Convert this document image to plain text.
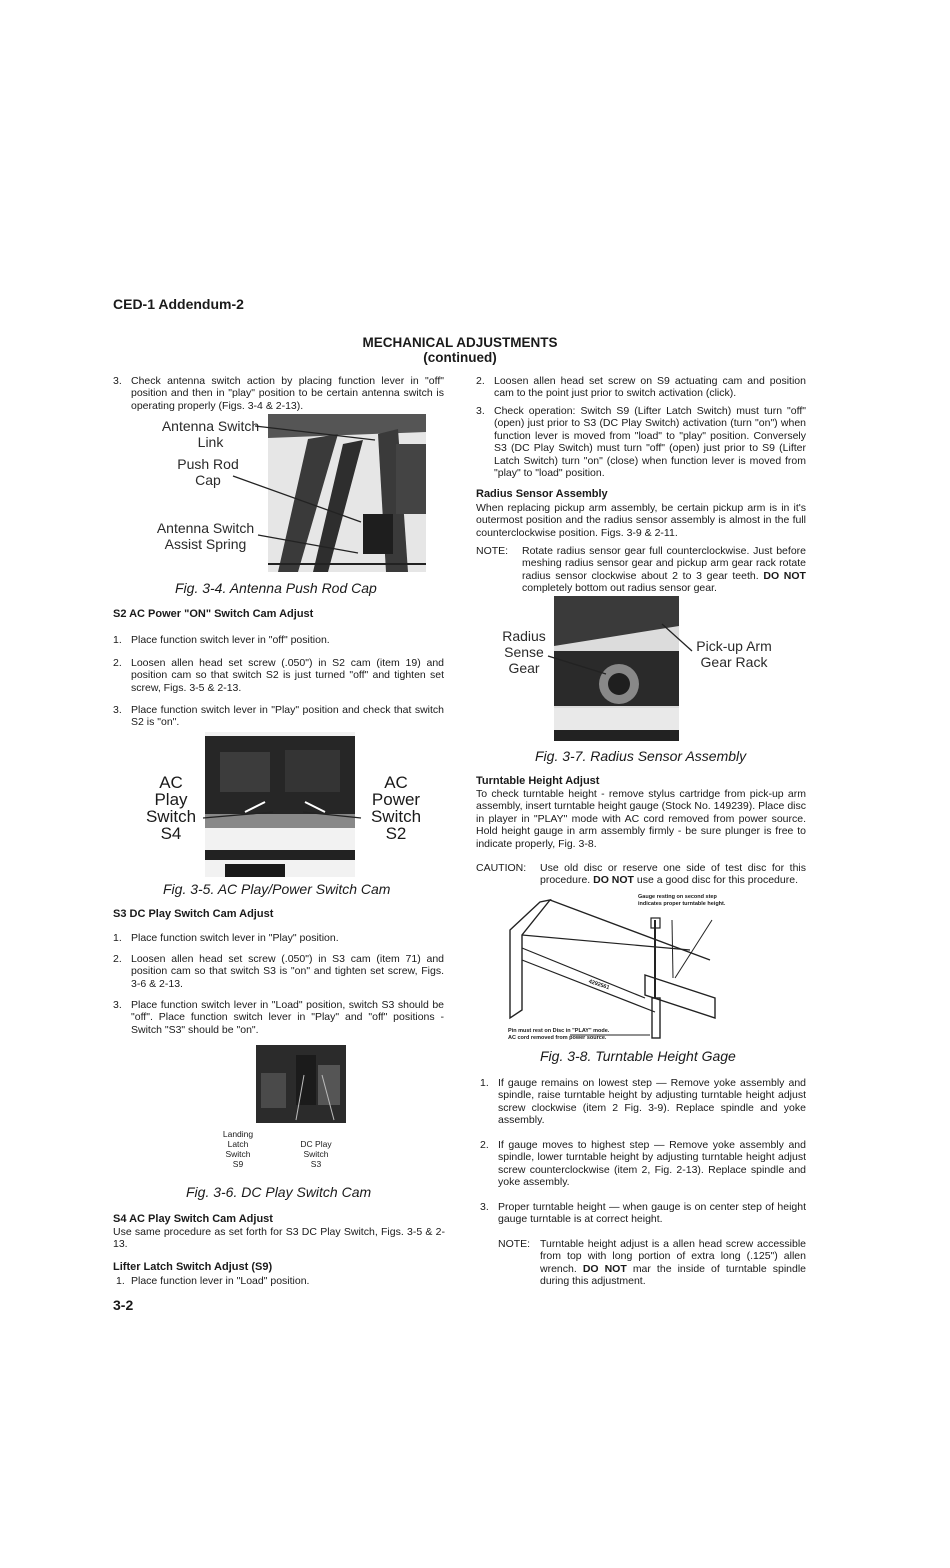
CED-1 Addendum-2
MECHANICAL ADJUSTMENTS
(continued)
3. Check antenna switch action by placing function lever in "off" position and then in "play" position to be certain antenna switch is operating properly (Figs. 3-4 & 2-13).
Antenna Switch
Link
Push Rod
Cap
Antenna Switch
Assist Spring
Fig. 3-4. Antenna Push Rod Cap
S2 AC Power "ON" Switch Cam Adjust
1. Place function switch lever in "off" position.
2. Loosen allen head set screw (.050") in S2 cam (item 19) and position cam so that switch S2 is just turned "off" and tighten set screw, Figs. 3-5 & 2-13.
3. Place function switch lever in "Play" position and check that switch S2 is "on".
AC
Play
Switch
S4
AC
Power
Switch
S2
Fig. 3-5. AC Play/Power Switch Cam
S3 DC Play Switch Cam Adjust
1. Place function switch lever in "Play" position.
2. Loosen allen head set screw (.050") in S3 cam (item 71) and position cam so that switch S3 is "on" and tighten set screw, Figs. 3-6 & 2-13.
3. Place function switch lever in "Load" position, switch S3 should be "off". Place function switch lever in "Play" and "off" positions - Switch "S3" should be "on".
Landing
Latch
Switch
S9
DC Play
Switch
S3
Fig. 3-6. DC Play Switch Cam
S4 AC Play Switch Cam Adjust
Use same procedure as set forth for S3 DC Play Switch, Figs. 3-5 & 2-13.
Lifter Latch Switch Adjust (S9)
1. Place function lever in "Load" position.
3-2
2. Loosen allen head set screw on S9 actuating cam and position cam to the point just prior to switch activation (click).
3. Check operation: Switch S9 (Lifter Latch Switch) must turn "off" (open) just prior to S3 (DC Play Switch) activation (turn "on") when function lever is moved from "load" to "play" position. Conversely S3 (DC Play Switch) must turn "off" (open) just prior to S9 (Lifter Latch Switch) turn "on" (close) when function lever is moved from "play" to "load" position.
Radius Sensor Assembly
When replacing pickup arm assembly, be certain pickup arm is in it's outermost position and the radius sensor assembly is almost in the full counterclockwise position. Figs. 3-9 & 2-11.
NOTE: Rotate radius sensor gear full counterclockwise. Just before meshing radius sensor gear and pickup arm gear rack rotate radius sensor clockwise about 2 to 3 gear teeth. DO NOT completely bottom out radius sensor gear.
Radius
Sense
Gear
Pick-up Arm
Gear Rack
Fig. 3-7. Radius Sensor Assembly
Turntable Height Adjust
To check turntable height - remove stylus cartridge from pick-up arm assembly, insert turntable height gauge (Stock No. 149239). Place disc in player in "PLAY" mode with AC cord removed from power source. Hold height gauge in arm assembly firmly - be sure plunger is free to indicate properly, Fig. 3-8.
CAUTION: Use old disc or reserve one side of test disc for this procedure. DO NOT use a good disc for this procedure.
Gauge resting on second step
indicates proper turntable height.
4292561
Pin must rest on Disc in "PLAY" mode.
AC cord removed from power source.
Fig. 3-8. Turntable Height Gage
1. If gauge remains on lowest step — Remove yoke assembly and spindle, raise turntable height by adjusting turntable height adjust screw clockwise (item 2 Fig. 3-9). Replace spindle and yoke assembly.
2. If gauge moves to highest step — Remove yoke assembly and spindle, lower turntable height by adjusting turntable height adjust screw counterclockwise (item 2, Fig. 2-13). Replace spindle and yoke assembly.
3. Proper turntable height — when gauge is on center step of height gauge turntable is at correct height.
NOTE: Turntable height adjust is a allen head screw accessible from top with long portion of extra long (.125") allen wrench. DO NOT mar the inside of turntable spindle during this adjustment.
